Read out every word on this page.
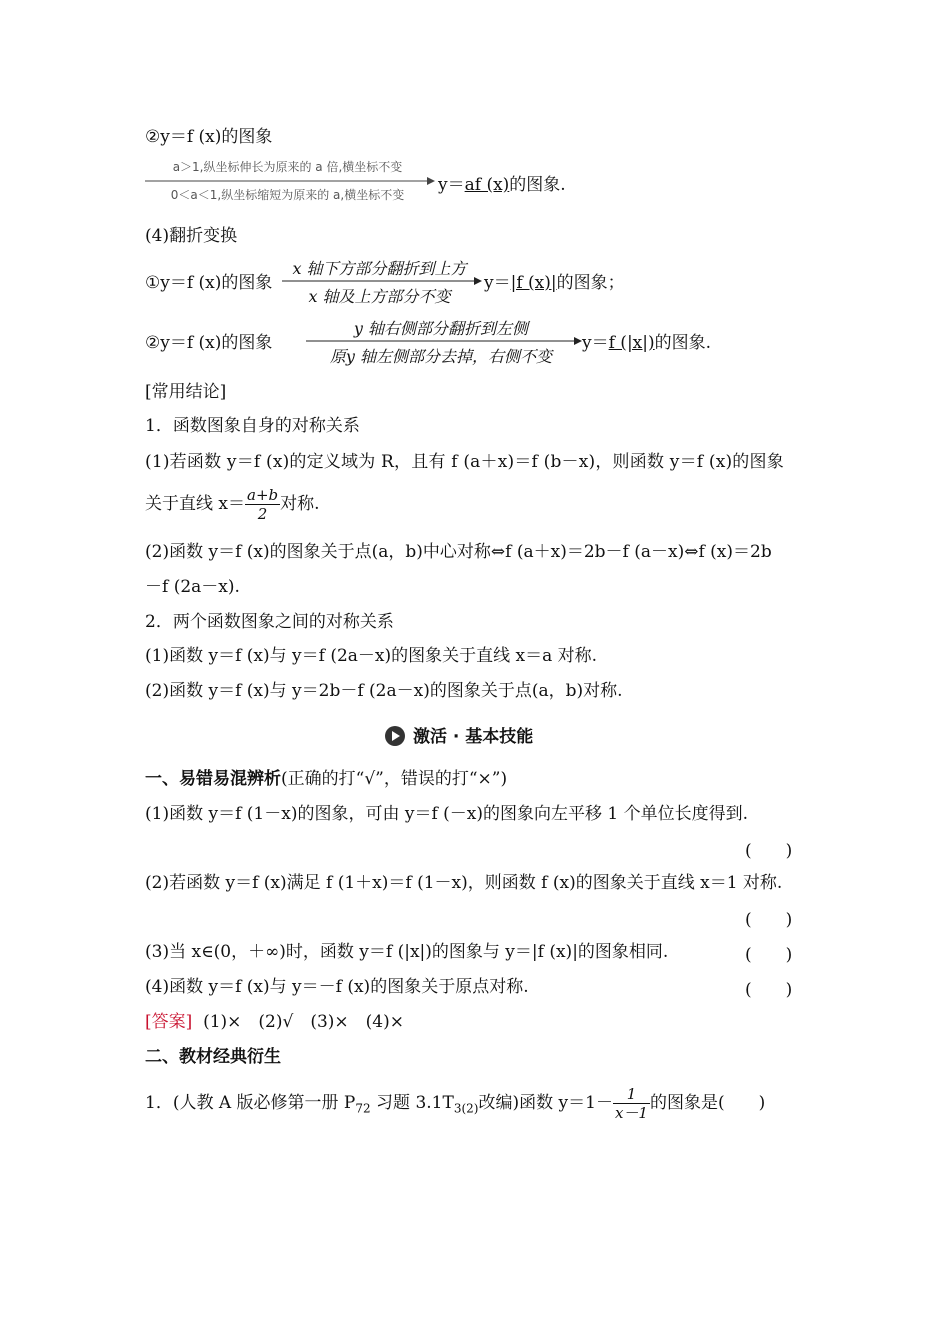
②y＝f (x)的图象
a＞1,纵坐标伸长为原来的 a 倍,横坐标不变
0＜a＜1,纵坐标缩短为原来的 a,横坐标不变	y＝af (x)的图象.
(4)翻折变换
①y＝f (x)的图象
x 轴下方部分翻折到上方
x 轴及上方部分不变
y＝|f (x)|的图象；
②y＝f (x)的图象
y 轴右侧部分翻折到左侧
原y 轴左侧部分去掉，右侧不变
y＝f (|x|)的图象.
[常用结论]
1．函数图象自身的对称关系
(1)若函数 y＝f (x)的定义域为 R，且有 f (a＋x)＝f (b－x)，则函数 y＝f (x)的图象
关于直线 $x= \frac{a+b}{2}$ 对称.
(2)函数 y＝f (x)的图象关于点(a，b)中心对称⇔f (a＋x)＝2b－f (a－x)⇔f (x)＝2b
－f (2a－x).
2．两个函数图象之间的对称关系
(1)函数 y＝f (x)与 y＝f (2a－x)的图象关于直线 x＝a 对称.
(2)函数 y＝f (x)与 y＝2b－f (2a－x)的图象关于点(a，b)对称.
激活 · 基本技能
一、易错易混辨析(正确的打“√”，错误的打“×”)
(1)函数 y＝f (1－x)的图象，可由 y＝f (－x)的图象向左平移 1 个单位长度得到.
(　　)
(2)若函数 y＝f (x)满足 f (1＋x)＝f (1－x)，则函数 f (x)的图象关于直线 x＝1 对称.
(　　)
(3)当 x∈(0，＋∞)时，函数 y＝f (|x|)的图象与 y＝|f (x)|的图象相同.	(　　)
(4)函数 y＝f (x)与 y＝－f (x)的图象关于原点对称.	(　　)
[答案] (1)×　(2)√　(3)×　(4)×
二、教材经典衍生
1．(人教 A 版必修第一册 $P_{72}$ 习题 $3.1T_{3(2)}$改编)函数 $y=1- \frac{1}{x-1}$ 的图象是(　　)
